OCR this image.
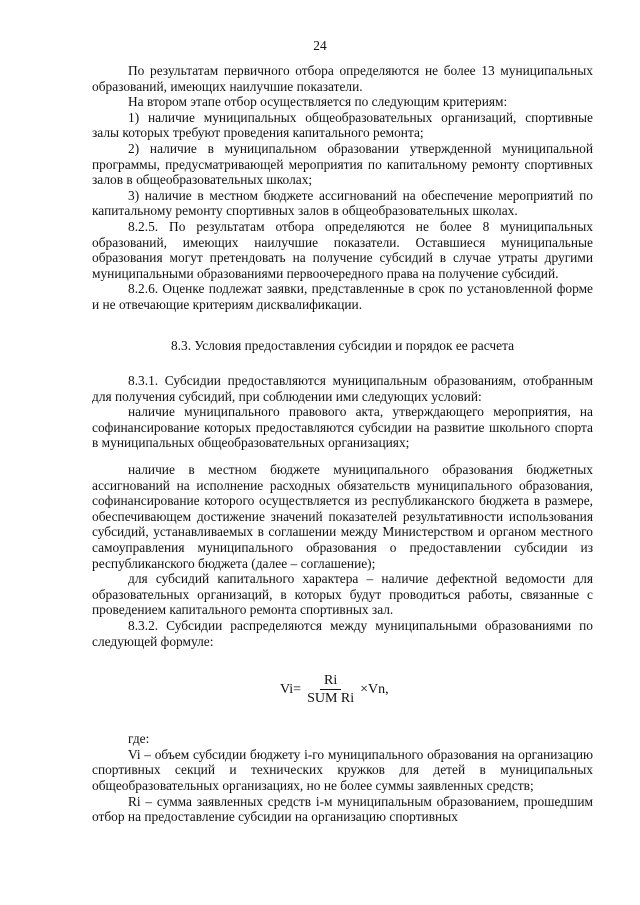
24

По результатам первичного отбора определяются не более 13 муниципальных образований, имеющих наилучшие показатели.

На втором этапе отбор осуществляется по следующим критериям:

1) наличие муниципальных общеобразовательных организаций, спортивные залы которых требуют проведения капитального ремонта;

2) наличие в муниципальном образовании утвержденной муниципальной программы, предусматривающей мероприятия по капитальному ремонту спортивных залов в общеобразовательных школах;

3) наличие в местном бюджете ассигнований на обеспечение мероприятий по капитальному ремонту спортивных залов в общеобразовательных школах.

8.2.5. По результатам отбора определяются не более 8 муниципальных образований, имеющих наилучшие показатели. Оставшиеся муниципальные образования могут претендовать на получение субсидий в случае утраты другими муниципальными образованиями первоочередного права на получение субсидий.

8.2.6. Оценке подлежат заявки, представленные в срок по установленной форме и не отвечающие критериям дисквалификации.

8.3. Условия предоставления субсидии и порядок ее расчета

8.3.1. Субсидии предоставляются муниципальным образованиям, отобранным для получения субсидий, при соблюдении ими следующих условий:

наличие муниципального правового акта, утверждающего мероприятия, на софинансирование которых предоставляются субсидии на развитие школьного спорта в муниципальных общеобразовательных организациях;

наличие в местном бюджете муниципального образования бюджетных ассигнований на исполнение расходных обязательств муниципального образования, софинансирование которого осуществляется из республиканского бюджета в размере, обеспечивающем достижение значений показателей результативности использования субсидий, устанавливаемых в соглашении между Министерством и органом местного самоуправления муниципального образования о предоставлении субсидии из республиканского бюджета (далее – соглашение);

для субсидий капитального характера – наличие дефектной ведомости для образовательных организаций, в которых будут проводиться работы, связанные с проведением капитального ремонта спортивных зал.

8.3.2. Субсидии распределяются между муниципальными образованиями по следующей формуле:

$Vi= \frac{Ri}{\text{SUM Ri}} \times Vn$,

где:

Vi – объем субсидии бюджету i-го муниципального образования на организацию спортивных секций и технических кружков для детей в муниципальных общеобразовательных организациях, но не более суммы заявленных средств;

Ri – сумма заявленных средств i-м муниципальным образованием, прошедшим отбор на предоставление субсидии на организацию спортивных
